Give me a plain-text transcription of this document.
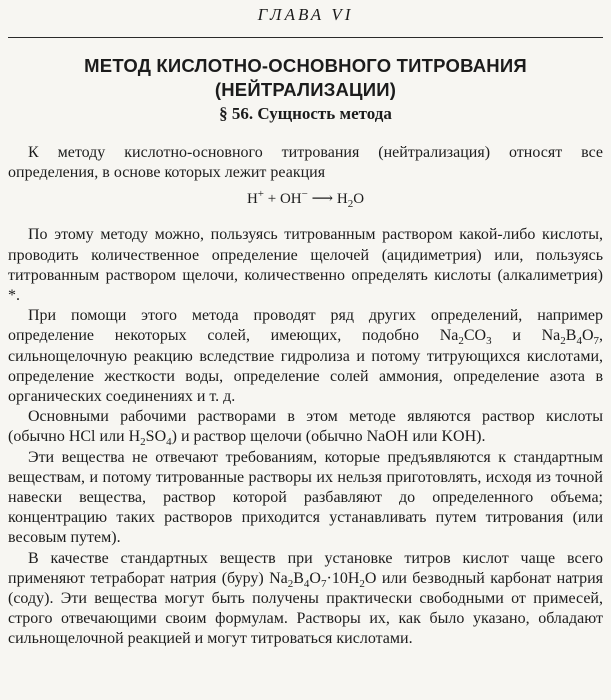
ГЛАВА VI
МЕТОД КИСЛОТНО-ОСНОВНОГО ТИТРОВАНИЯ
(НЕЙТРАЛИЗАЦИИ)
§ 56. Сущность метода

К методу кислотно-основного титрования (нейтрализация) относят все определения, в основе которых лежит реакция

H+ + OH− ⟶ $H_2O$

По этому методу можно, пользуясь титрованным раствором какой-либо кислоты, проводить количественное определение щелочей (ацидиметрия) или, пользуясь титрованным раствором щелочи, количественно определять кислоты (алкалиметрия) *.

При помощи этого метода проводят ряд других определений, например определение некоторых солей, имеющих, подобно $Na_2CO_3$ и $Na_2B_4O_7$, сильнощелочную реакцию вследствие гидролиза и потому титрующихся кислотами, определение жесткости воды, определение солей аммония, определение азота в органических соединениях и т. д.

Основными рабочими растворами в этом методе являются раствор кислоты (обычно HCl или $H_2SO_4$) и раствор щелочи (обычно NaOH или KOH).

Эти вещества не отвечают требованиям, которые предъявляются к стандартным веществам, и потому титрованные растворы их нельзя приготовлять, исходя из точной навески вещества, раствор которой разбавляют до определенного объема; концентрацию таких растворов приходится устанавливать путем титрования (или весовым путем).

В качестве стандартных веществ при установке титров кислот чаще всего применяют тетраборат натрия (буру) $Na_2B_4O_7\cdot 10H_2O$ или безводный карбонат натрия (соду). Эти вещества могут быть получены практически свободными от примесей, строго отвечающими своим формулам. Растворы их, как было указано, обладают сильнощелочной реакцией и могут титроваться кислотами.
